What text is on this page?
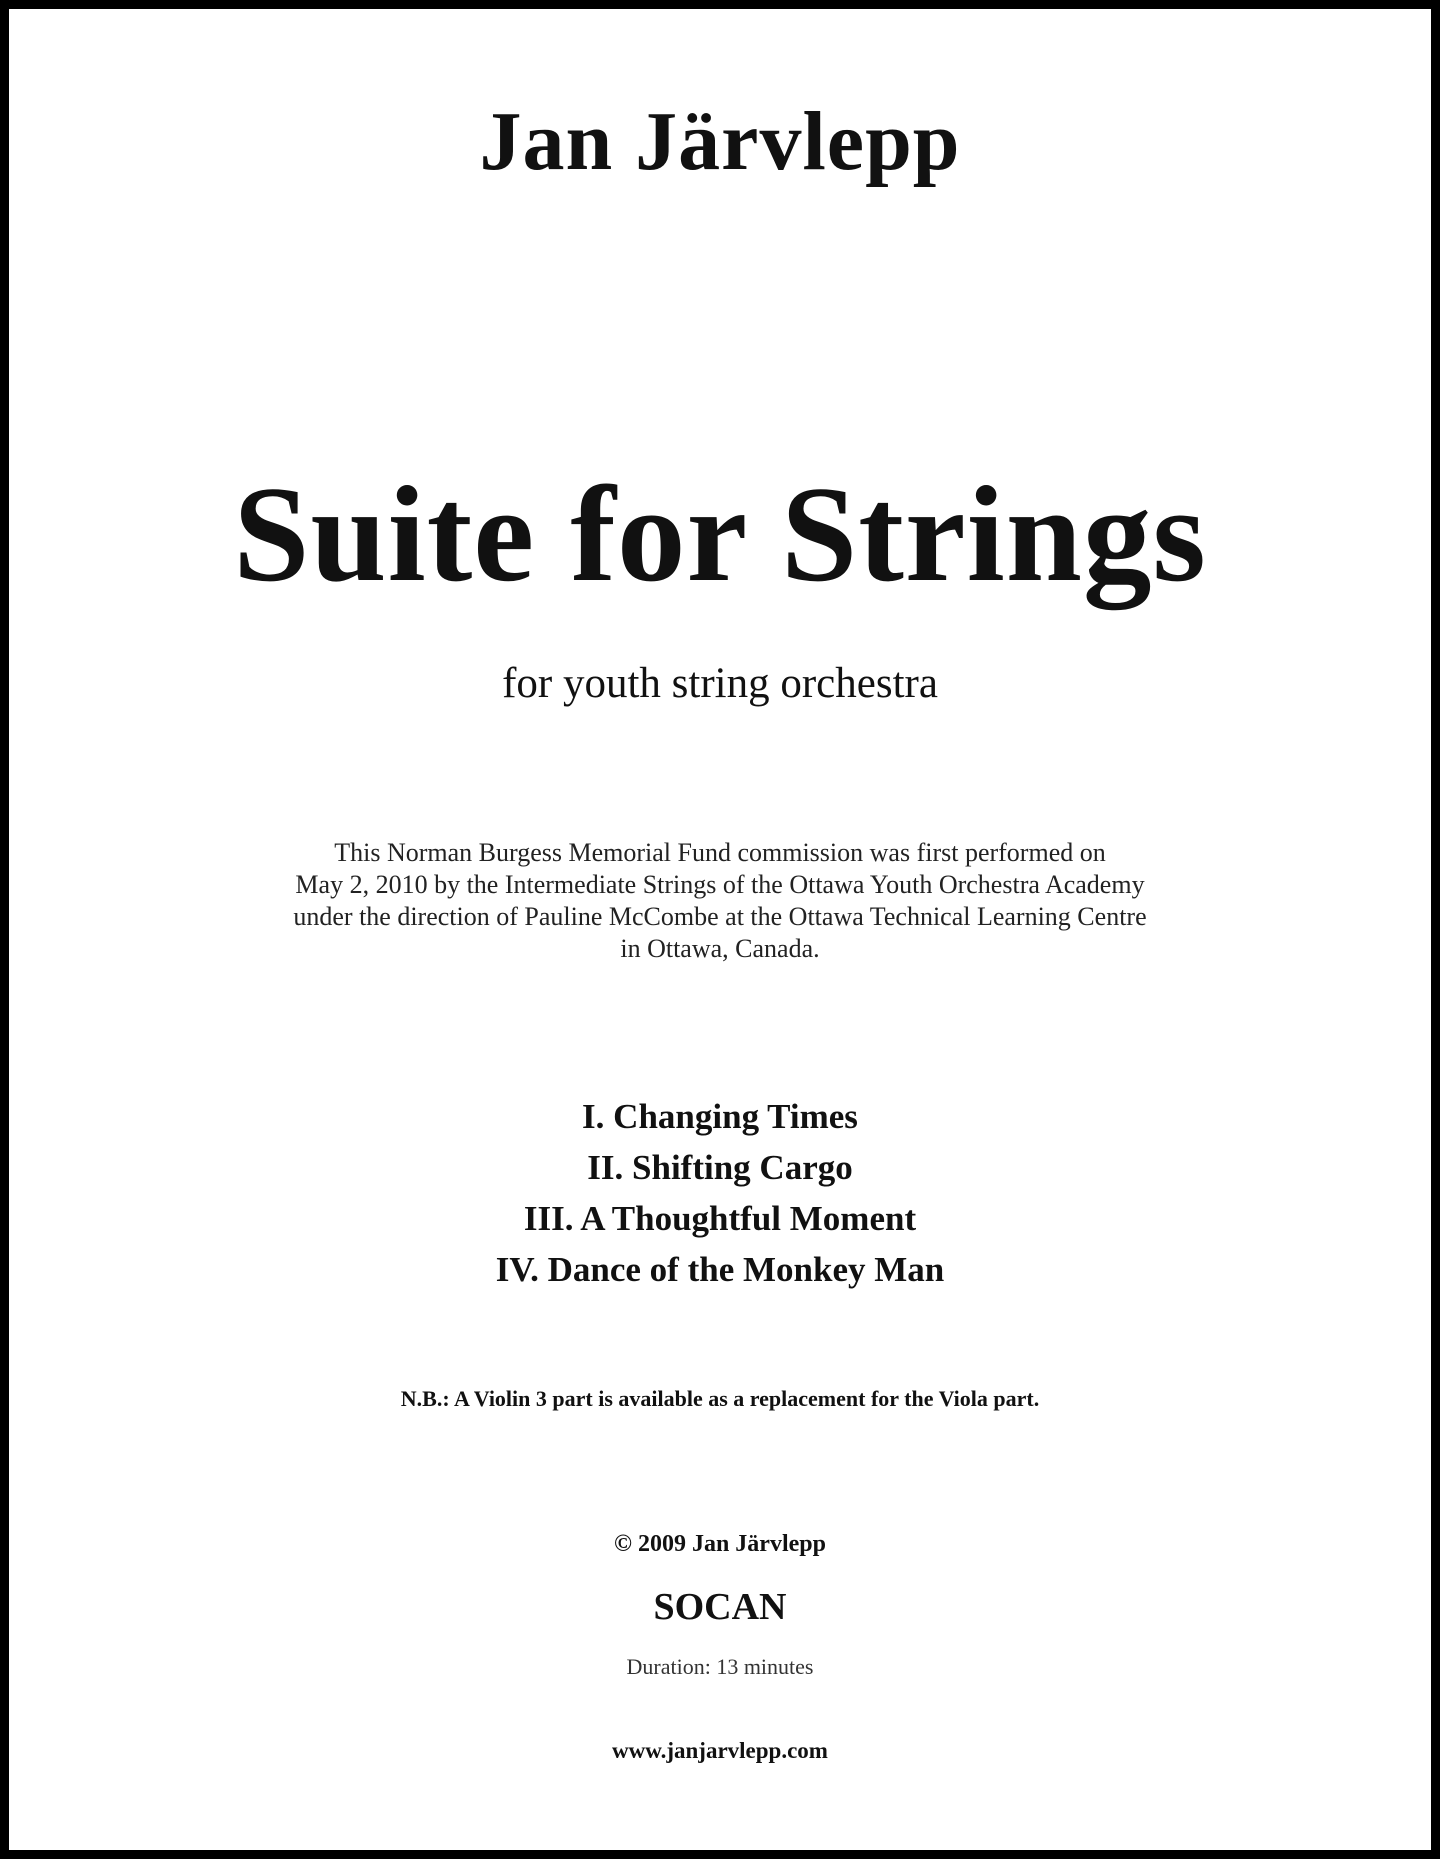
Jan Järvlepp
Suite for Strings
for youth string orchestra
This Norman Burgess Memorial Fund commission was first performed on
May 2, 2010 by the Intermediate Strings of the Ottawa Youth Orchestra Academy
under the direction of Pauline McCombe at the Ottawa Technical Learning Centre
in Ottawa, Canada.
I. Changing Times
II. Shifting Cargo
III. A Thoughtful Moment
IV. Dance of the Monkey Man
N.B.: A Violin 3 part is available as a replacement for the Viola part.
© 2009 Jan Järvlepp
SOCAN
Duration: 13 minutes
www.janjarvlepp.com
